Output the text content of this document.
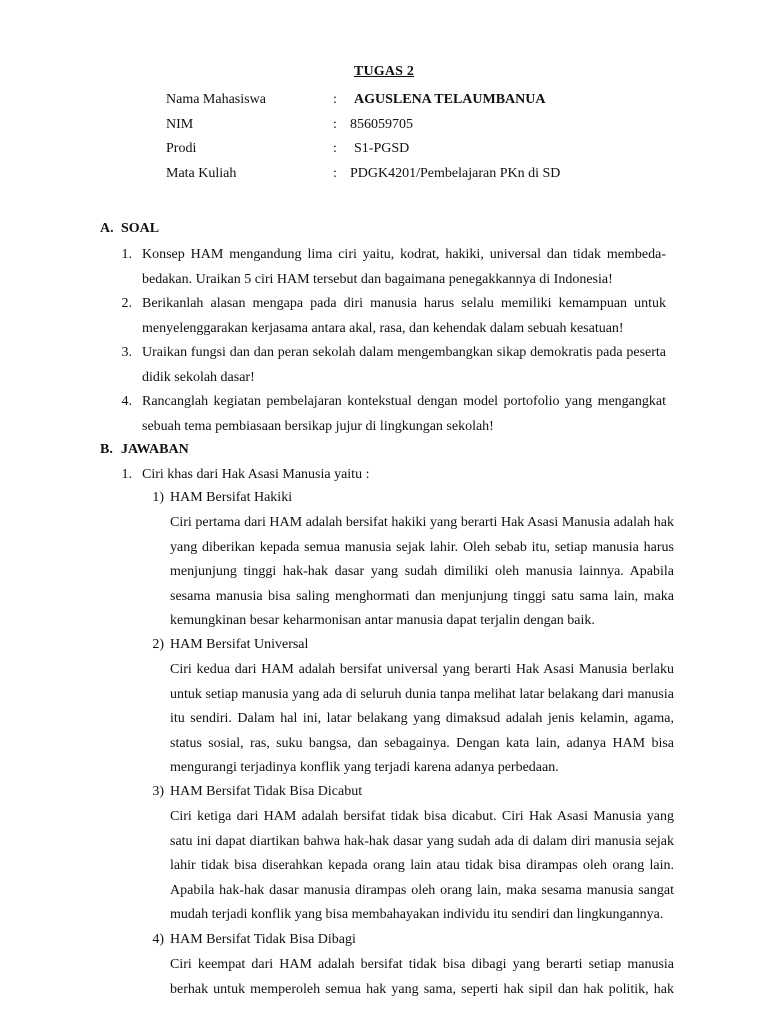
TUGAS 2
Nama Mahasiswa	:	AGUSLENA TELAUMBANUA
NIM	: 856059705
Prodi	:	S1-PGSD
Mata Kuliah	: PDGK4201/Pembelajaran PKn di SD
A. SOAL
1. Konsep HAM mengandung lima ciri yaitu, kodrat, hakiki, universal dan tidak membeda-bedakan. Uraikan 5 ciri HAM tersebut dan bagaimana penegakkannya di Indonesia!
2. Berikanlah alasan mengapa pada diri manusia harus selalu memiliki kemampuan untuk menyelenggarakan kerjasama antara akal, rasa, dan kehendak dalam sebuah kesatuan!
3. Uraikan fungsi dan dan peran sekolah dalam mengembangkan sikap demokratis pada peserta didik sekolah dasar!
4. Rancanglah kegiatan pembelajaran kontekstual dengan model portofolio yang mengangkat sebuah tema pembiasaan bersikap jujur di lingkungan sekolah!
B. JAWABAN
1. Ciri khas dari Hak Asasi Manusia yaitu :
1) HAM Bersifat Hakiki
Ciri pertama dari HAM adalah bersifat hakiki yang berarti Hak Asasi Manusia adalah hak yang diberikan kepada semua manusia sejak lahir. Oleh sebab itu, setiap manusia harus menjunjung tinggi hak-hak dasar yang sudah dimiliki oleh manusia lainnya. Apabila sesama manusia bisa saling menghormati dan menjunjung tinggi satu sama lain, maka kemungkinan besar keharmonisan antar manusia dapat terjalin dengan baik.
2) HAM Bersifat Universal
Ciri kedua dari HAM adalah bersifat universal yang berarti Hak Asasi Manusia berlaku untuk setiap manusia yang ada di seluruh dunia tanpa melihat latar belakang dari manusia itu sendiri. Dalam hal ini, latar belakang yang dimaksud adalah jenis kelamin, agama, status sosial, ras, suku bangsa, dan sebagainya. Dengan kata lain, adanya HAM bisa mengurangi terjadinya konflik yang terjadi karena adanya perbedaan.
3) HAM Bersifat Tidak Bisa Dicabut
Ciri ketiga dari HAM adalah bersifat tidak bisa dicabut. Ciri Hak Asasi Manusia yang satu ini dapat diartikan bahwa hak-hak dasar yang sudah ada di dalam diri manusia sejak lahir tidak bisa diserahkan kepada orang lain atau tidak bisa dirampas oleh orang lain. Apabila hak-hak dasar manusia dirampas oleh orang lain, maka sesama manusia sangat mudah terjadi konflik yang bisa membahayakan individu itu sendiri dan lingkungannya.
4) HAM Bersifat Tidak Bisa Dibagi
Ciri keempat dari HAM adalah bersifat tidak bisa dibagi yang berarti setiap manusia berhak untuk memperoleh semua hak yang sama, seperti hak sipil dan hak politik, hak
